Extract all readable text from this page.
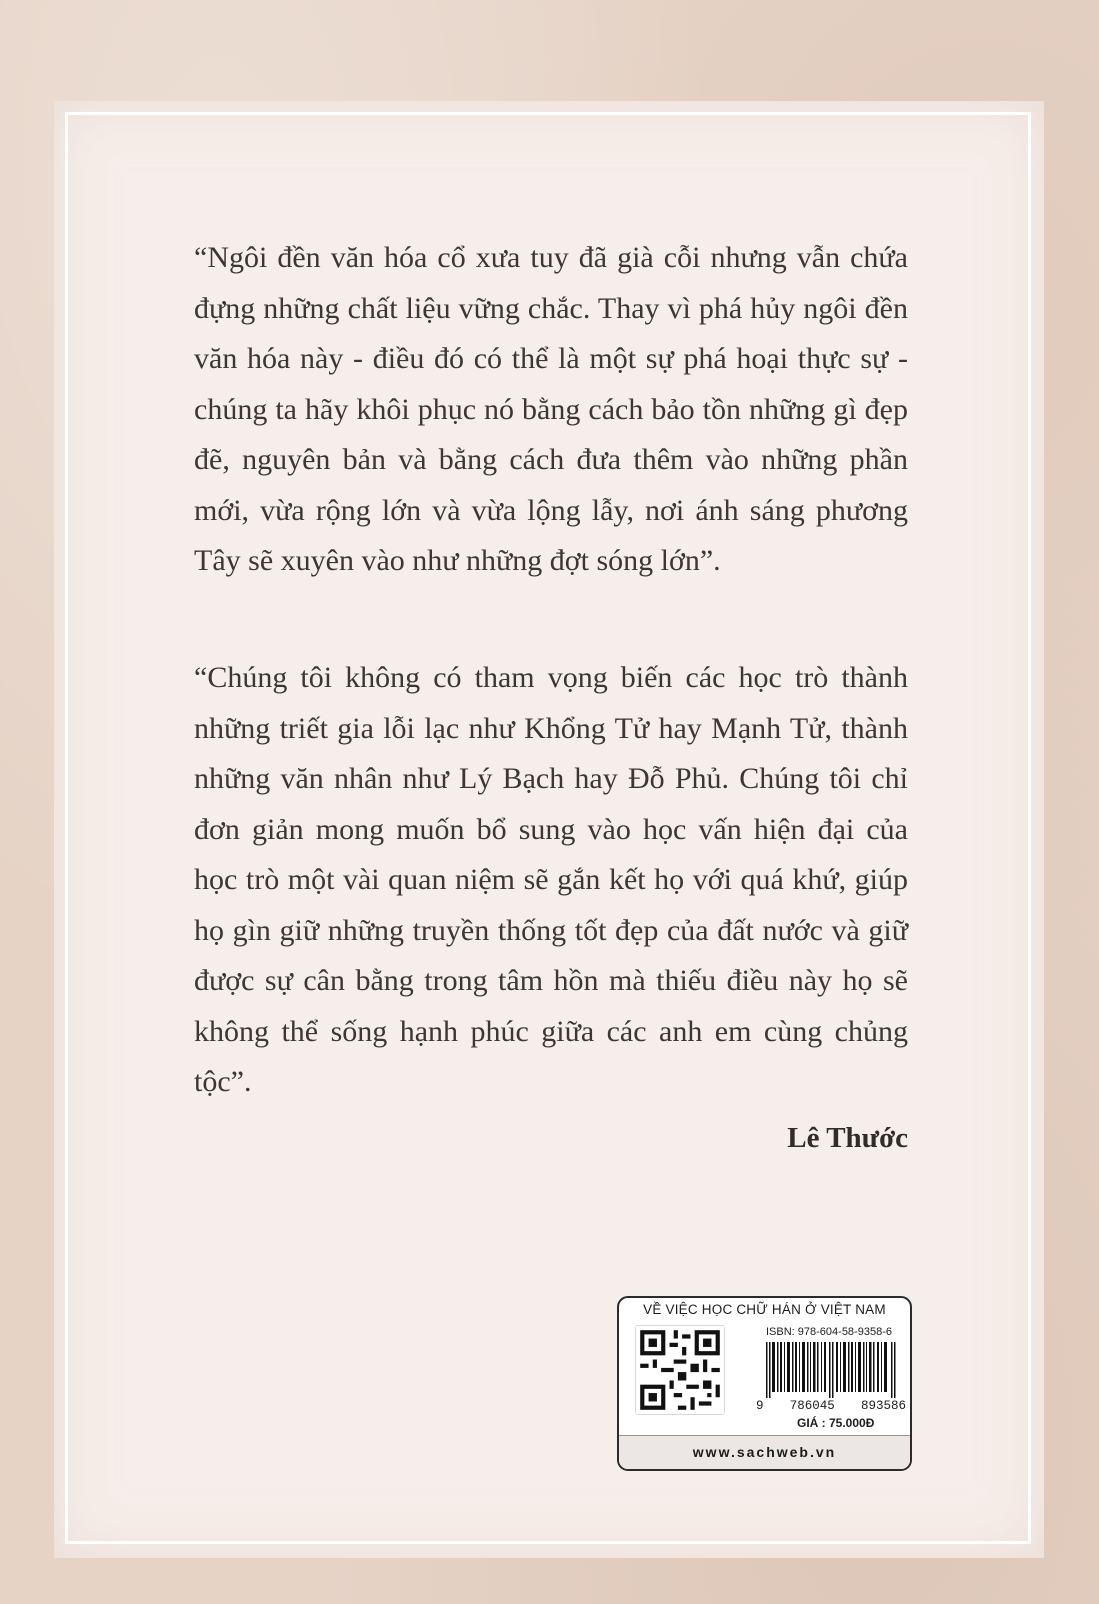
“Ngôi đền văn hóa cổ xưa tuy đã già cỗi nhưng vẫn chứa đựng những chất liệu vững chắc. Thay vì phá hủy ngôi đền văn hóa này - điều đó có thể là một sự phá hoại thực sự - chúng ta hãy khôi phục nó bằng cách bảo tồn những gì đẹp đẽ, nguyên bản và bằng cách đưa thêm vào những phần mới, vừa rộng lớn và vừa lộng lẫy, nơi ánh sáng phương Tây sẽ xuyên vào như những đợt sóng lớn”.

“Chúng tôi không có tham vọng biến các học trò thành những triết gia lỗi lạc như Khổng Tử hay Mạnh Tử, thành những văn nhân như Lý Bạch hay Đỗ Phủ. Chúng tôi chỉ đơn giản mong muốn bổ sung vào học vấn hiện đại của học trò một vài quan niệm sẽ gắn kết họ với quá khứ, giúp họ gìn giữ những truyền thống tốt đẹp của đất nước và giữ được sự cân bằng trong tâm hồn mà thiếu điều này họ sẽ không thể sống hạnh phúc giữa các anh em cùng chủng tộc”.

Lê Thước

VỀ VIỆC HỌC CHỮ HÁN Ở VIỆT NAM
ISBN: 978-604-58-9358-6
9 786045 893586
GIÁ : 75.000Đ
www.sachweb.vn
